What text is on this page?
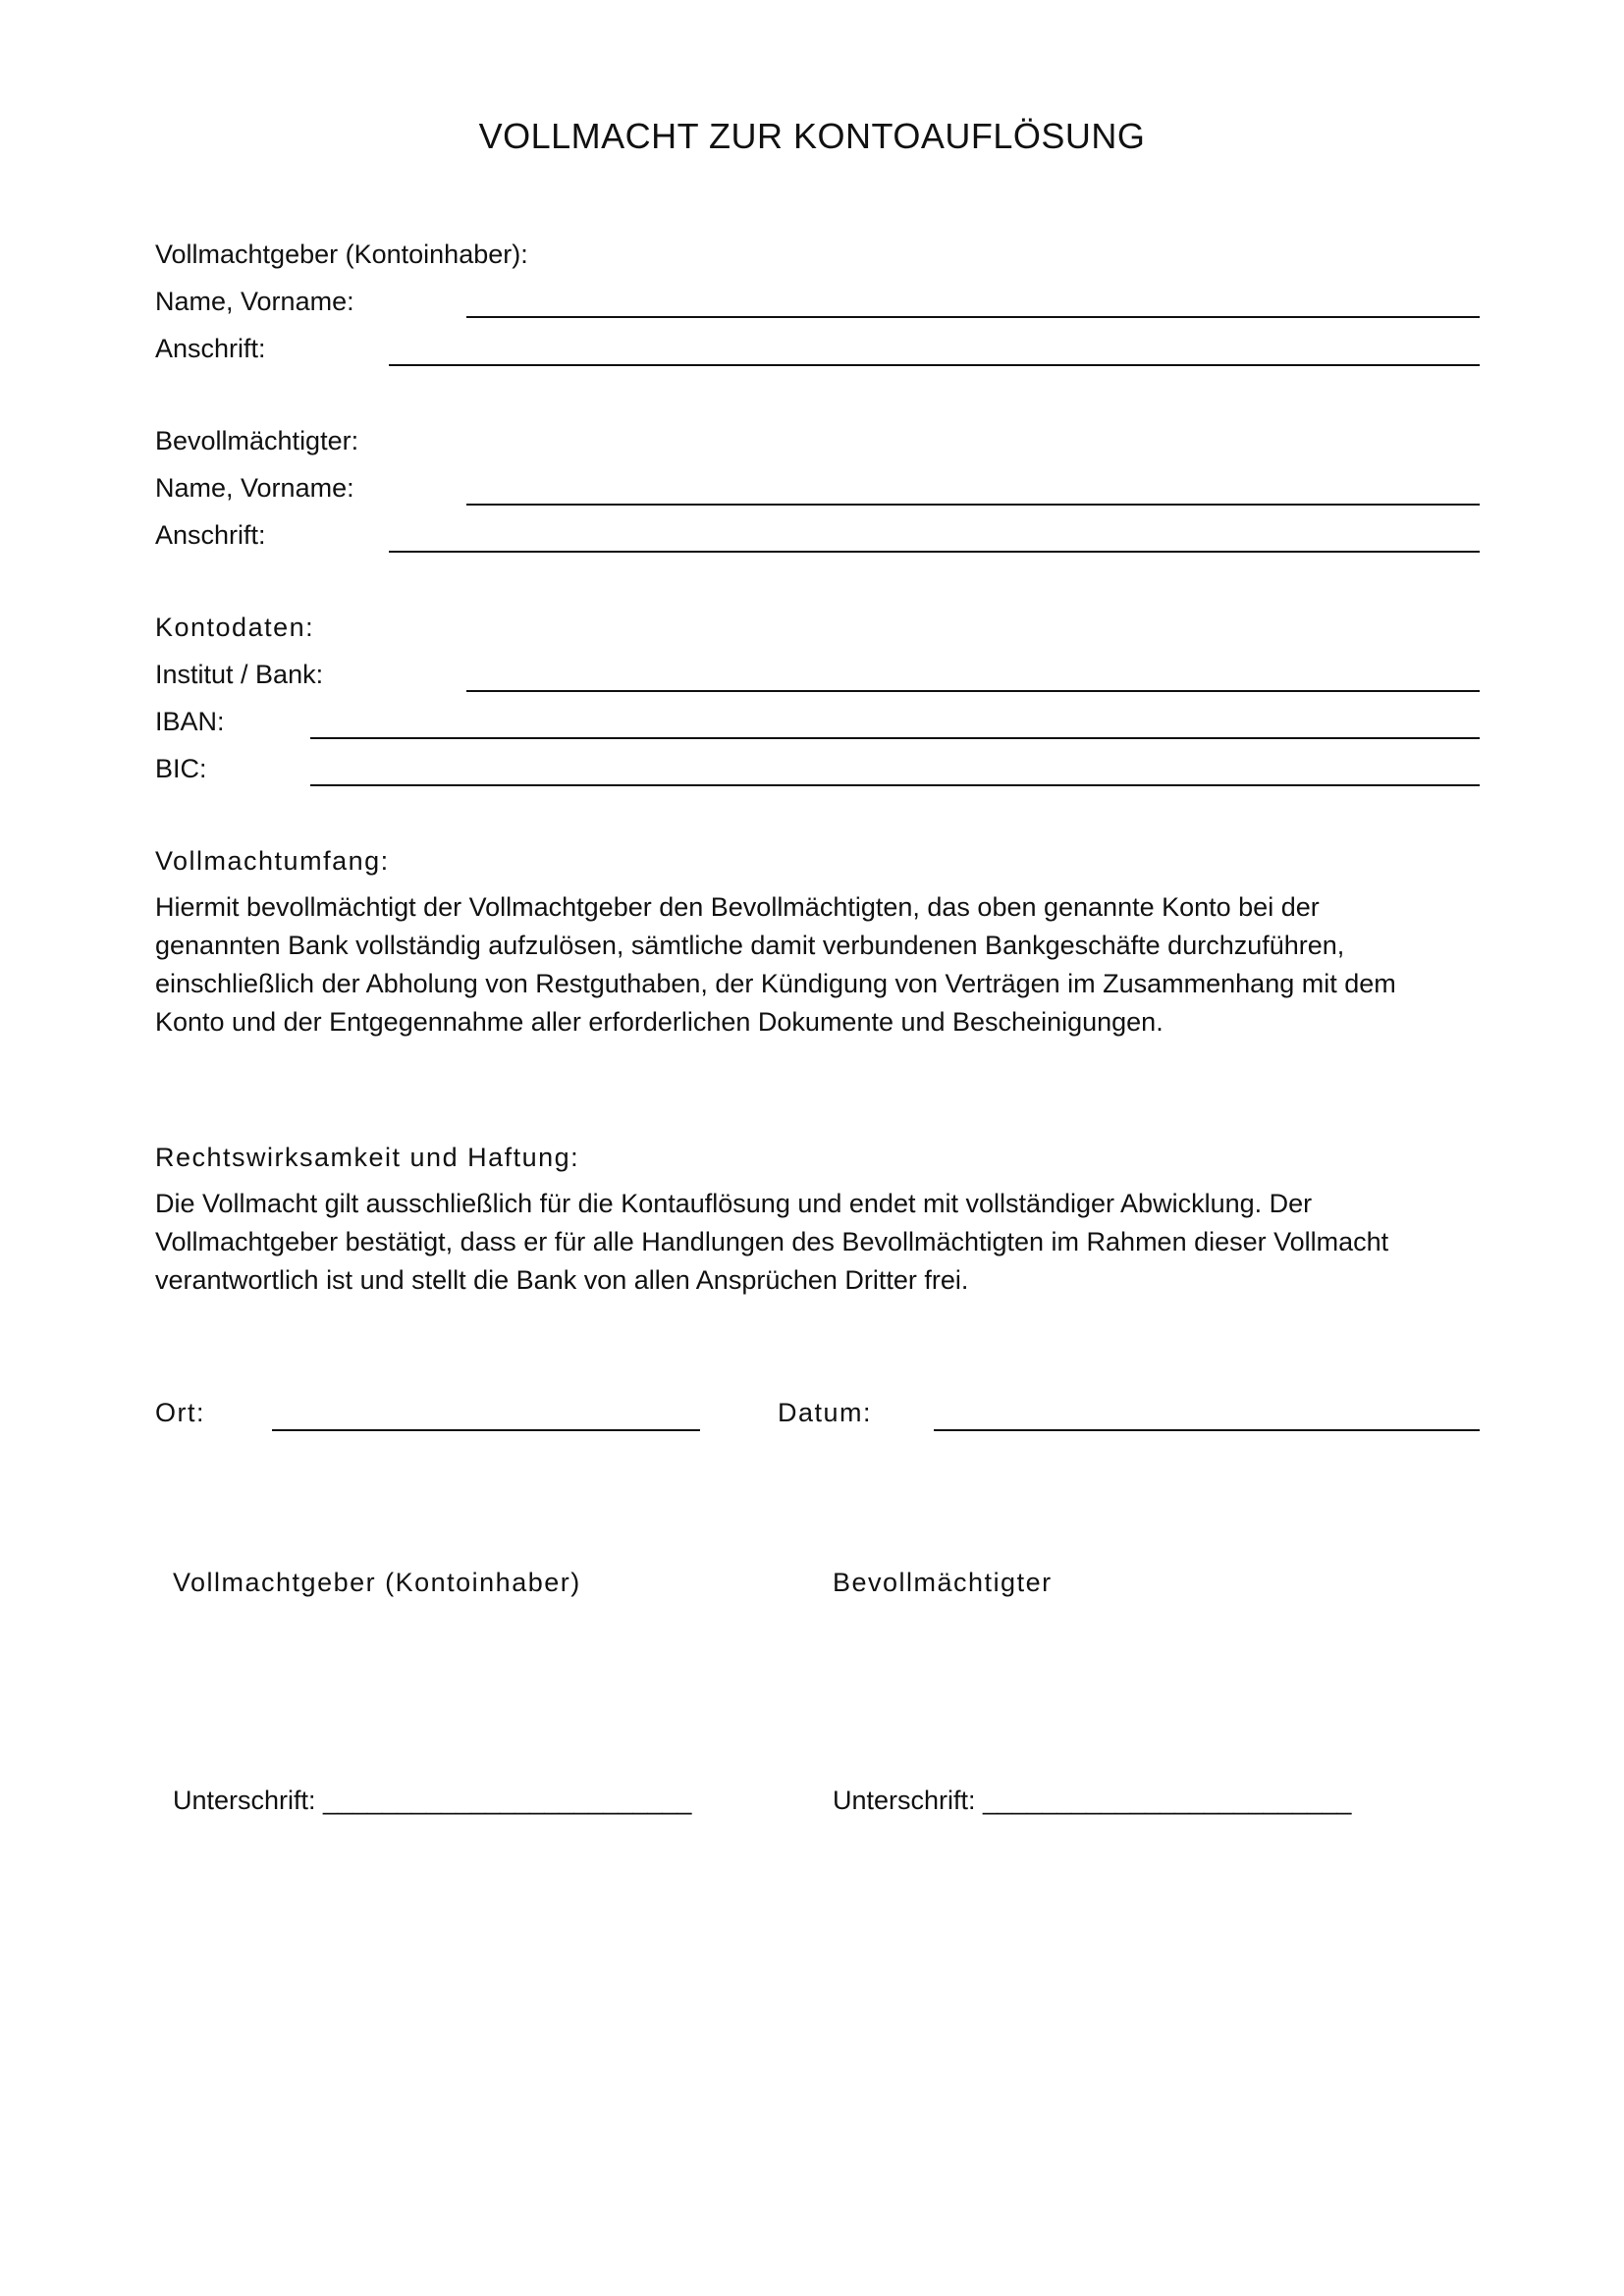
VOLLMACHT ZUR KONTOAUFLÖSUNG
Vollmachtgeber (Kontoinhaber):
Name, Vorname:
Anschrift:
Bevollmächtigter:
Name, Vorname:
Anschrift:
Kontodaten:
Institut / Bank:
IBAN:
BIC:
Vollmachtumfang:
Hiermit bevollmächtigt der Vollmachtgeber den Bevollmächtigten, das oben genannte Konto bei der
genannten Bank vollständig aufzulösen, sämtliche damit verbundenen Bankgeschäfte durchzuführen,
einschließlich der Abholung von Restguthaben, der Kündigung von Verträgen im Zusammenhang mit dem
Konto und der Entgegennahme aller erforderlichen Dokumente und Bescheinigungen.
Rechtswirksamkeit und Haftung:
Die Vollmacht gilt ausschließlich für die Kontauflösung und endet mit vollständiger Abwicklung. Der
Vollmachtgeber bestätigt, dass er für alle Handlungen des Bevollmächtigten im Rahmen dieser Vollmacht
verantwortlich ist und stellt die Bank von allen Ansprüchen Dritter frei.
Ort:	Datum:
Vollmachtgeber (Kontoinhaber)	Bevollmächtigter
Unterschrift: _________________________	Unterschrift: _________________________
